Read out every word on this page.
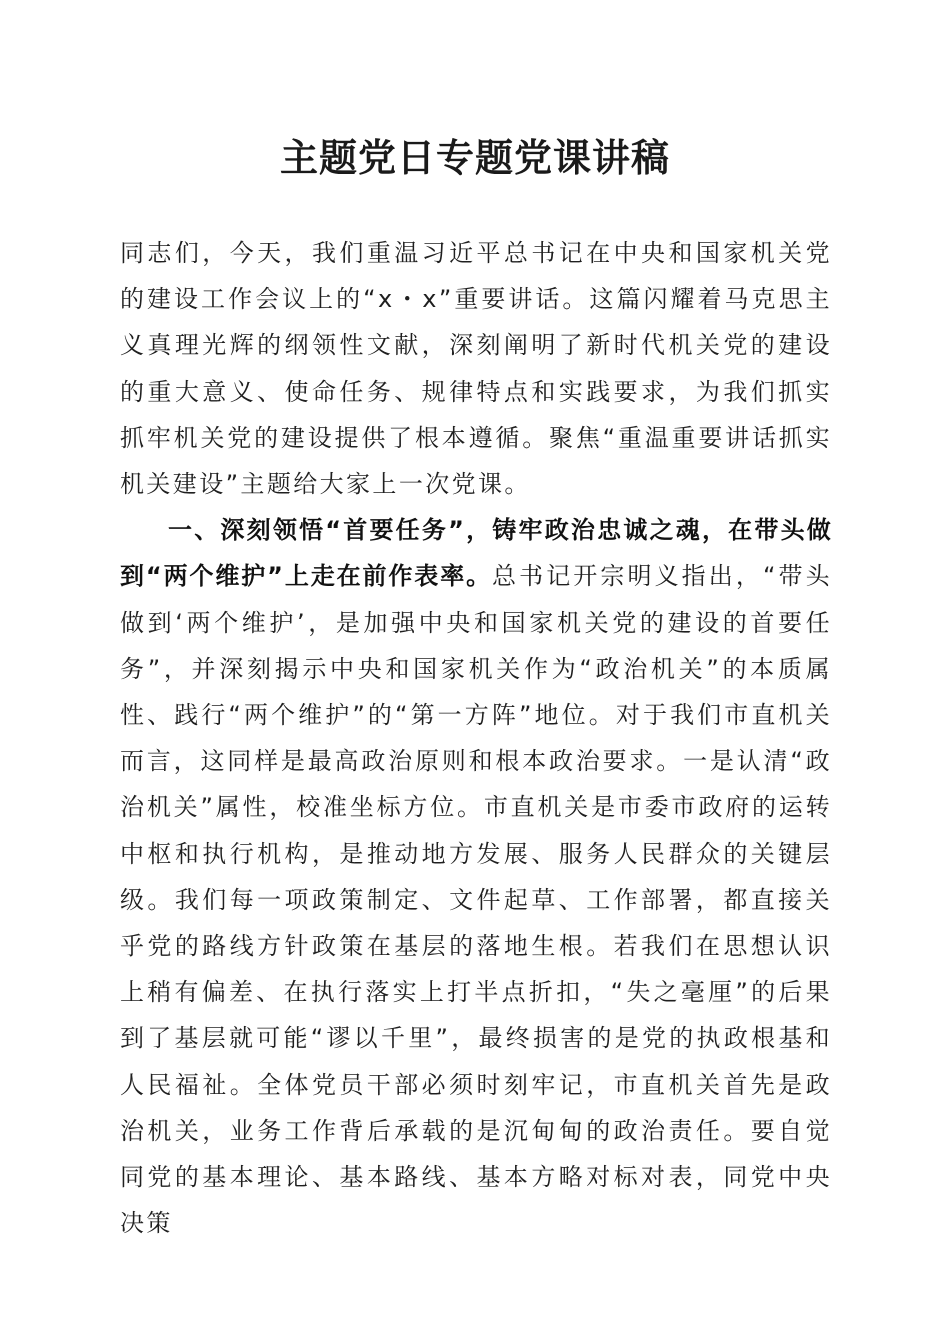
主题党日专题党课讲稿

同志们，今天，我们重温习近平总书记在中央和国家机关党的建设工作会议上的“x・x”重要讲话。这篇闪耀着马克思主义真理光辉的纲领性文献，深刻阐明了新时代机关党的建设的重大意义、使命任务、规律特点和实践要求，为我们抓实抓牢机关党的建设提供了根本遵循。聚焦“重温重要讲话抓实机关建设”主题给大家上一次党课。

一、深刻领悟“首要任务”，铸牢政治忠诚之魂，在带头做到“两个维护”上走在前作表率。总书记开宗明义指出，“带头做到‘两个维护’，是加强中央和国家机关党的建设的首要任务”，并深刻揭示中央和国家机关作为“政治机关”的本质属性、践行“两个维护”的“第一方阵”地位。对于我们市直机关而言，这同样是最高政治原则和根本政治要求。一是认清“政治机关”属性，校准坐标方位。市直机关是市委市政府的运转中枢和执行机构，是推动地方发展、服务人民群众的关键层级。我们每一项政策制定、文件起草、工作部署，都直接关乎党的路线方针政策在基层的落地生根。若我们在思想认识上稍有偏差、在执行落实上打半点折扣，“失之毫厘”的后果到了基层就可能“谬以千里”，最终损害的是党的执政根基和人民福祉。全体党员干部必须时刻牢记，市直机关首先是政治机关，业务工作背后承载的是沉甸甸的政治责任。要自觉同党的基本理论、基本路线、基本方略对标对表，同党中央决策
